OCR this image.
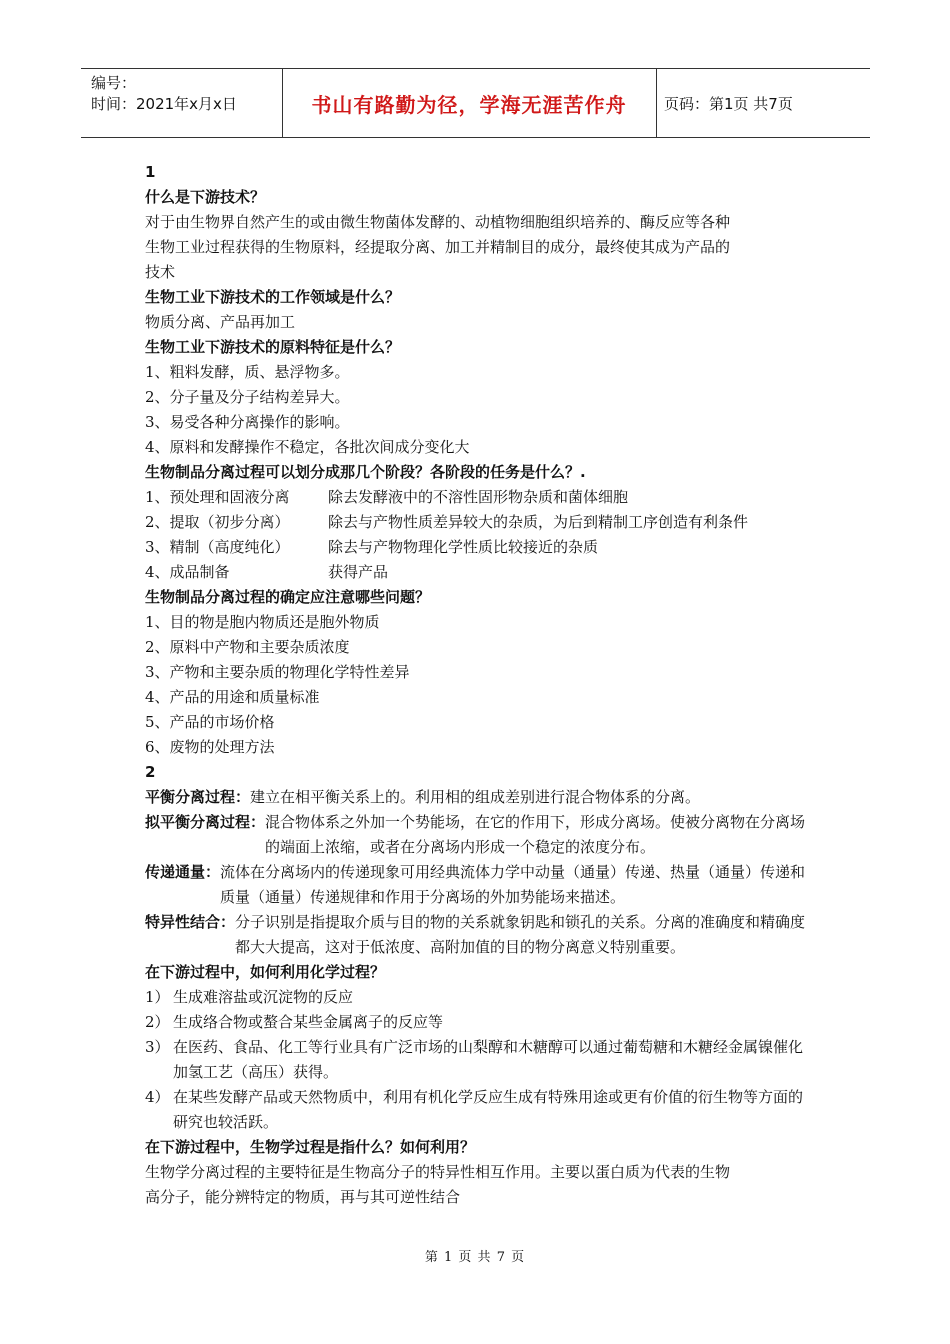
编号：
时间：2021年x月x日	书山有路勤为径，学海无涯苦作舟	页码：第1页 共7页
1
什么是下游技术？
对于由生物界自然产生的或由微生物菌体发酵的、动植物细胞组织培养的、酶反应等各种
生物工业过程获得的生物原料，经提取分离、加工并精制目的成分，最终使其成为产品的
技术
生物工业下游技术的工作领域是什么？
物质分离、产品再加工
生物工业下游技术的原料特征是什么？
1、粗料发酵，质、悬浮物多。
2、分子量及分子结构差异大。
3、易受各种分离操作的影响。
4、原料和发酵操作不稳定，各批次间成分变化大
生物制品分离过程可以划分成那几个阶段？各阶段的任务是什么？.
1、预处理和固液分离	除去发酵液中的不溶性固形物杂质和菌体细胞
2、提取（初步分离）	除去与产物性质差异较大的杂质，为后到精制工序创造有利条件
3、精制（高度纯化）	除去与产物物理化学性质比较接近的杂质
4、成品制备	获得产品
生物制品分离过程的确定应注意哪些问题？
1、目的物是胞内物质还是胞外物质
2、原料中产物和主要杂质浓度
3、产物和主要杂质的物理化学特性差异
4、产品的用途和质量标准
5、产品的市场价格
6、废物的处理方法
2
平衡分离过程： 建立在相平衡关系上的。利用相的组成差别进行混合物体系的分离。
拟平衡分离过程： 混合物体系之外加一个势能场，在它的作用下，形成分离场。使被分离物在分离场的端面上浓缩，或者在分离场内形成一个稳定的浓度分布。
传递通量： 流体在分离场内的传递现象可用经典流体力学中动量（通量）传递、热量（通量）传递和质量（通量）传递规律和作用于分离场的外加势能场来描述。
特异性结合： 分子识别是指提取介质与目的物的关系就象钥匙和锁孔的关系。分离的准确度和精确度都大大提高，这对于低浓度、高附加值的目的物分离意义特别重要。
在下游过程中，如何利用化学过程？
1） 生成难溶盐或沉淀物的反应
2） 生成络合物或螯合某些金属离子的反应等
3） 在医药、食品、化工等行业具有广泛市场的山梨醇和木糖醇可以通过葡萄糖和木糖经金属镍催化加氢工艺（高压）获得。
4） 在某些发酵产品或天然物质中，利用有机化学反应生成有特殊用途或更有价值的衍生物等方面的研究也较活跃。
在下游过程中，生物学过程是指什么？如何利用？
生物学分离过程的主要特征是生物高分子的特异性相互作用。主要以蛋白质为代表的生物
高分子，能分辨特定的物质，再与其可逆性结合
第 1 页 共 7 页
